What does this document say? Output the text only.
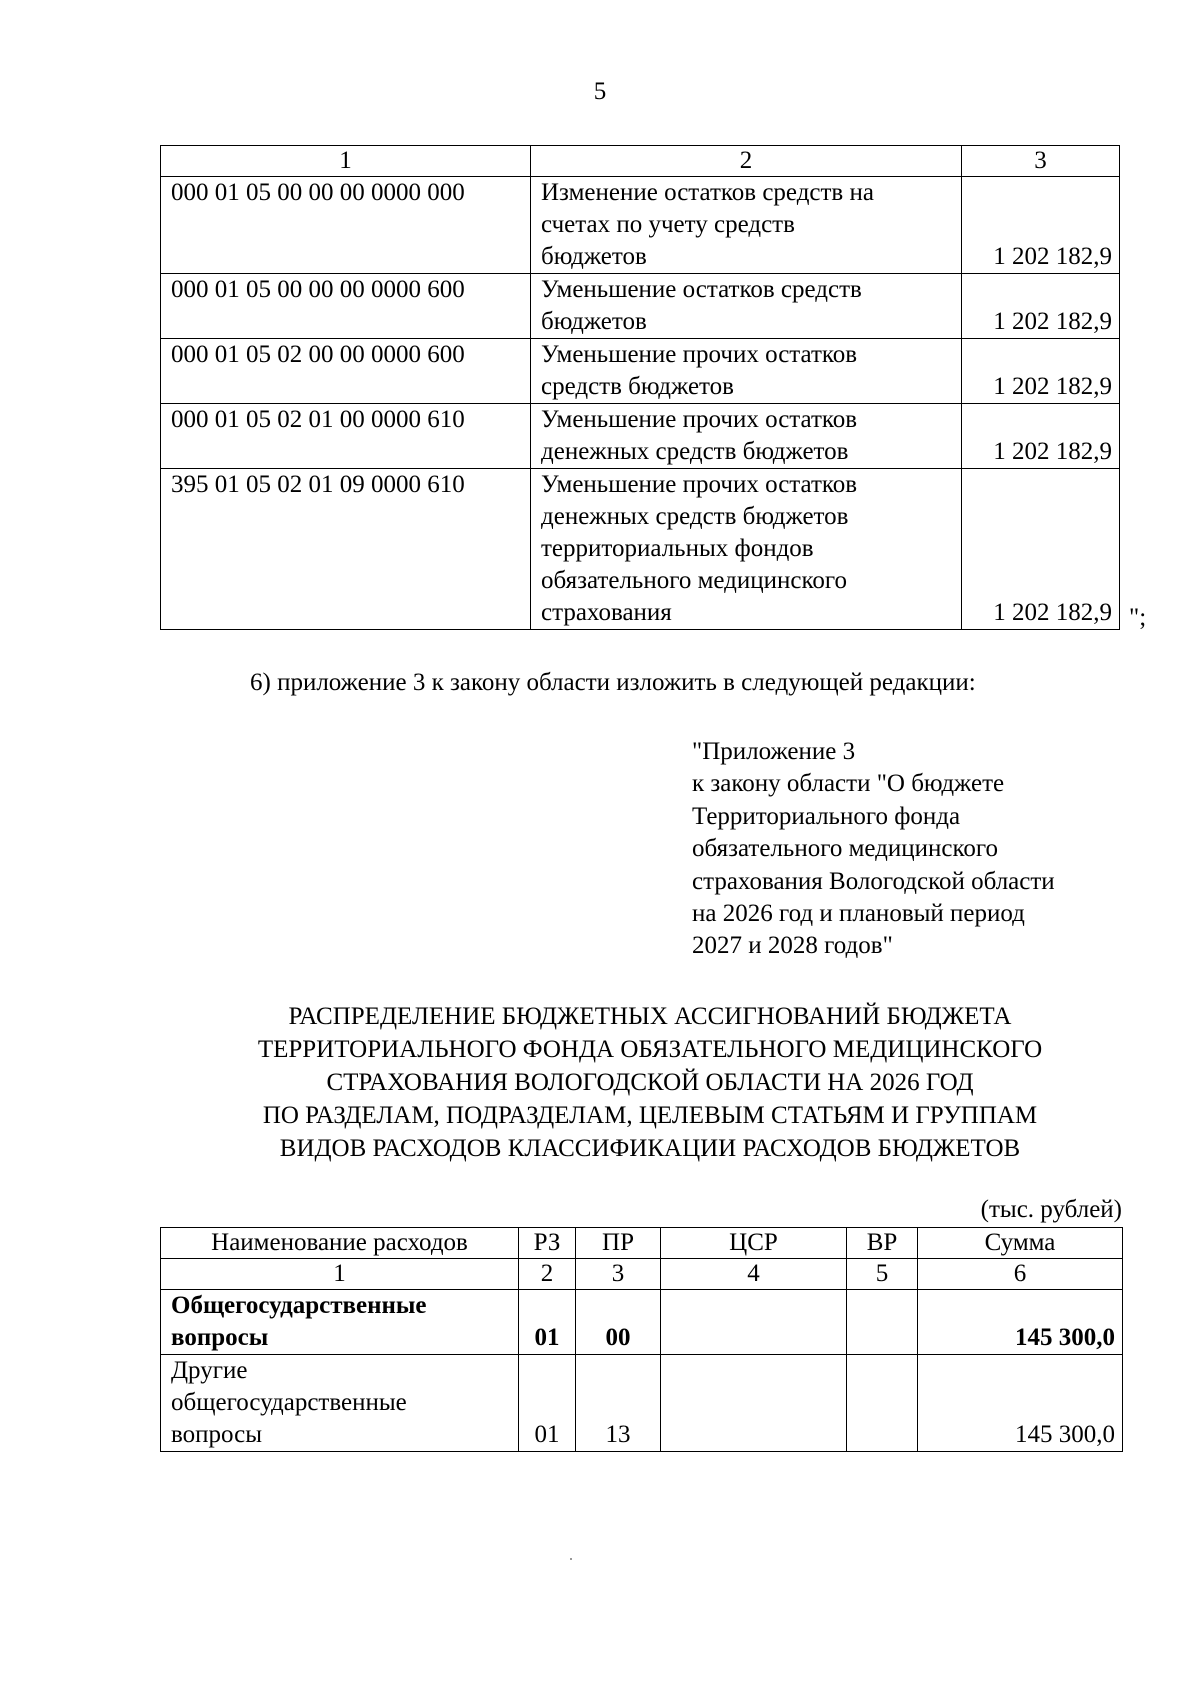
5
1	2	3
000 01 05 00 00 00 0000 000	Изменение остатков средств на
счетах по учету средств
бюджетов	1 202 182,9
000 01 05 00 00 00 0000 600	Уменьшение остатков средств
бюджетов	1 202 182,9
000 01 05 02 00 00 0000 600	Уменьшение прочих остатков
средств бюджетов	1 202 182,9
000 01 05 02 01 00 0000 610	Уменьшение прочих остатков
денежных средств бюджетов	1 202 182,9
395 01 05 02 01 09 0000 610	Уменьшение прочих остатков
денежных средств бюджетов
территориальных фондов
обязательного медицинского
страхования	1 202 182,9 ";
6) приложение 3 к закону области изложить в следующей редакции:
"Приложение 3
к закону области "О бюджете
Территориального фонда
обязательного медицинского
страхования Вологодской области
на 2026 год и плановый период
2027 и 2028 годов"
РАСПРЕДЕЛЕНИЕ БЮДЖЕТНЫХ АССИГНОВАНИЙ БЮДЖЕТА
ТЕРРИТОРИАЛЬНОГО ФОНДА ОБЯЗАТЕЛЬНОГО МЕДИЦИНСКОГО
СТРАХОВАНИЯ ВОЛОГОДСКОЙ ОБЛАСТИ НА 2026 ГОД
ПО РАЗДЕЛАМ, ПОДРАЗДЕЛАМ, ЦЕЛЕВЫМ СТАТЬЯМ И ГРУППАМ
ВИДОВ РАСХОДОВ КЛАССИФИКАЦИИ РАСХОДОВ БЮДЖЕТОВ
(тыс. рублей)
Наименование расходов	РЗ	ПР	ЦСР	ВР	Сумма
1	2	3	4	5	6

Общегосударственные
вопросы	01	00			145 300,0

Другие
общегосударственные
вопросы	01	13			145 300,0
